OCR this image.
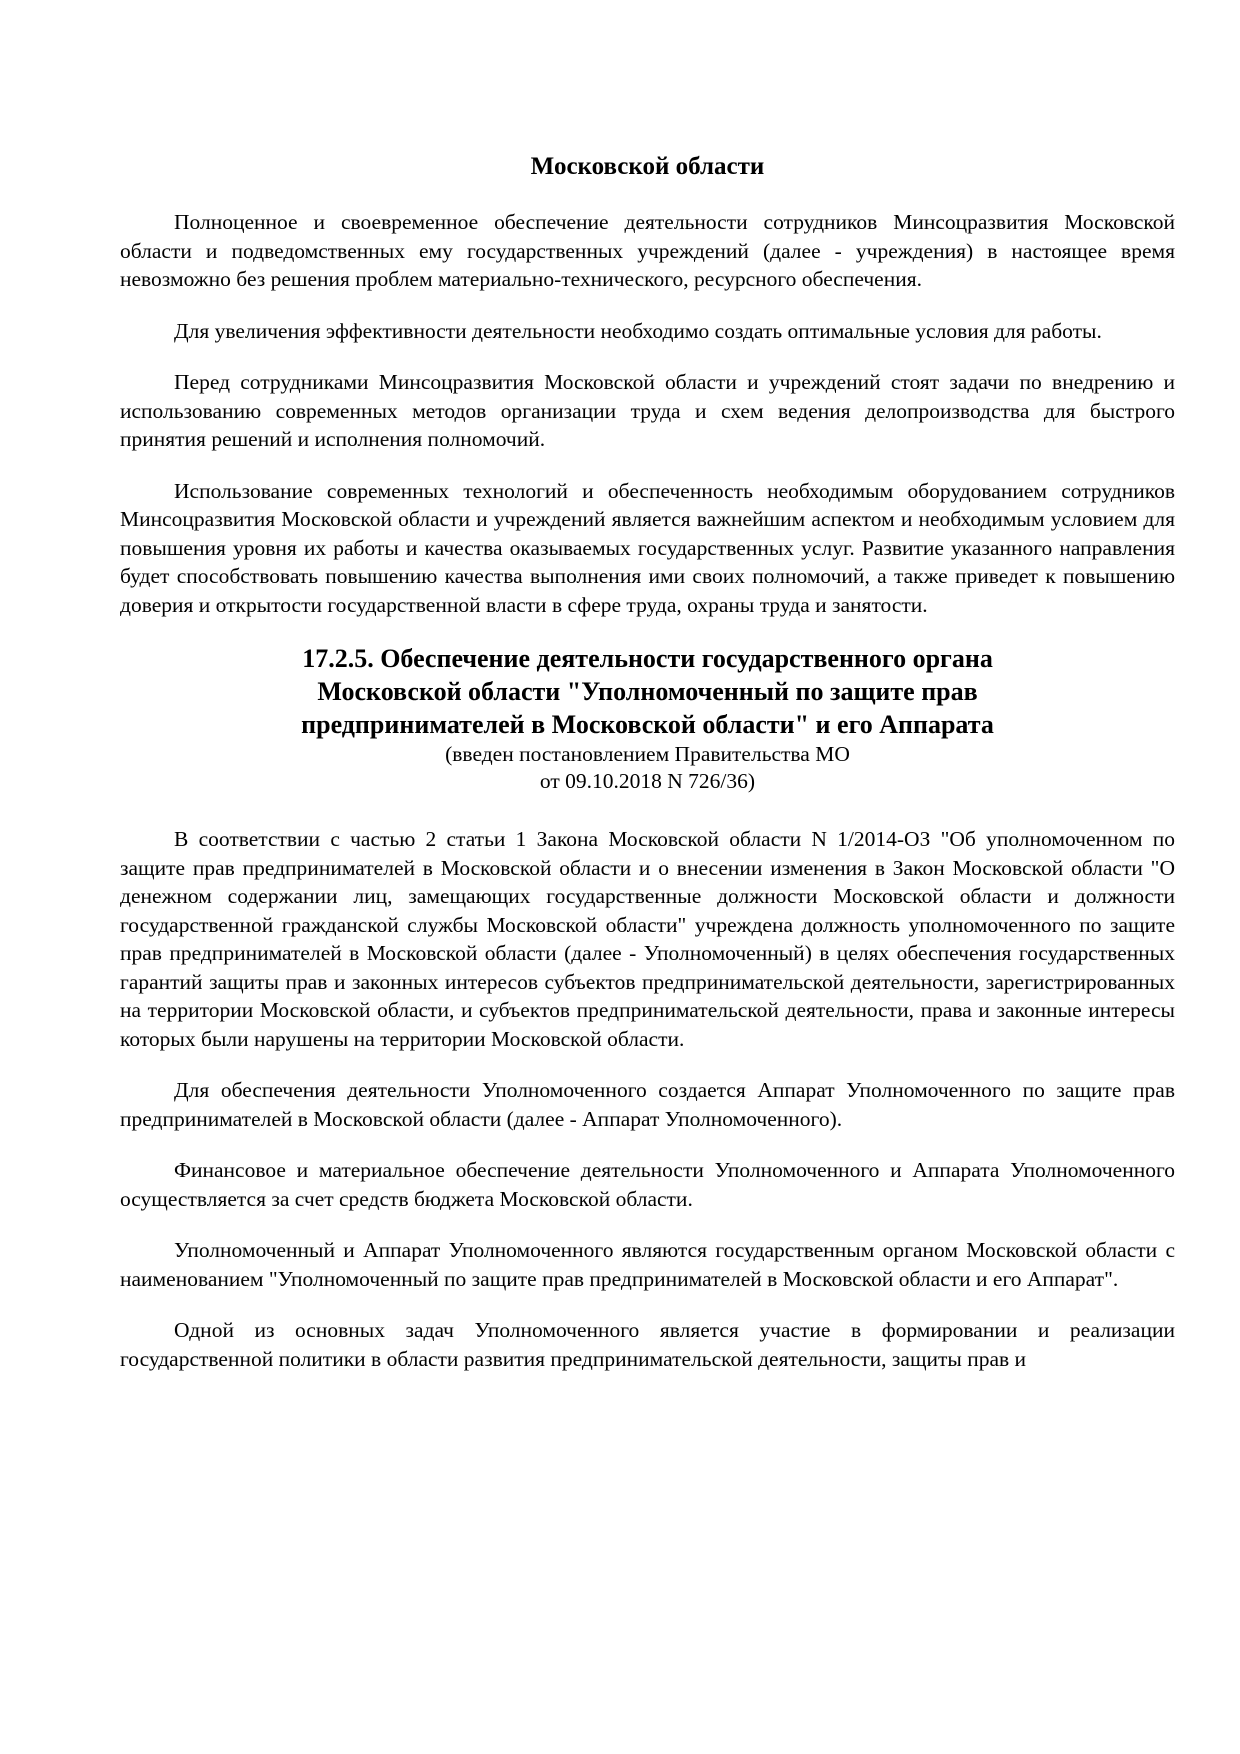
Московской области

Полноценное и своевременное обеспечение деятельности сотрудников Минсоцразвития Московской области и подведомственных ему государственных учреждений (далее - учреждения) в настоящее время невозможно без решения проблем материально-технического, ресурсного обеспечения.

Для увеличения эффективности деятельности необходимо создать оптимальные условия для работы.

Перед сотрудниками Минсоцразвития Московской области и учреждений стоят задачи по внедрению и использованию современных методов организации труда и схем ведения делопроизводства для быстрого принятия решений и исполнения полномочий.

Использование современных технологий и обеспеченность необходимым оборудованием сотрудников Минсоцразвития Московской области и учреждений является важнейшим аспектом и необходимым условием для повышения уровня их работы и качества оказываемых государственных услуг. Развитие указанного направления будет способствовать повышению качества выполнения ими своих полномочий, а также приведет к повышению доверия и открытости государственной власти в сфере труда, охраны труда и занятости.

17.2.5. Обеспечение деятельности государственного органа
Московской области "Уполномоченный по защите прав
предпринимателей в Московской области" и его Аппарата
(введен постановлением Правительства МО
от 09.10.2018 N 726/36)

В соответствии с частью 2 статьи 1 Закона Московской области N 1/2014-ОЗ "Об уполномоченном по защите прав предпринимателей в Московской области и о внесении изменения в Закон Московской области "О денежном содержании лиц, замещающих государственные должности Московской области и должности государственной гражданской службы Московской области" учреждена должность уполномоченного по защите прав предпринимателей в Московской области (далее - Уполномоченный) в целях обеспечения государственных гарантий защиты прав и законных интересов субъектов предпринимательской деятельности, зарегистрированных на территории Московской области, и субъектов предпринимательской деятельности, права и законные интересы которых были нарушены на территории Московской области.

Для обеспечения деятельности Уполномоченного создается Аппарат Уполномоченного по защите прав предпринимателей в Московской области (далее - Аппарат Уполномоченного).

Финансовое и материальное обеспечение деятельности Уполномоченного и Аппарата Уполномоченного осуществляется за счет средств бюджета Московской области.

Уполномоченный и Аппарат Уполномоченного являются государственным органом Московской области с наименованием "Уполномоченный по защите прав предпринимателей в Московской области и его Аппарат".

Одной из основных задач Уполномоченного является участие в формировании и реализации государственной политики в области развития предпринимательской деятельности, защиты прав и
